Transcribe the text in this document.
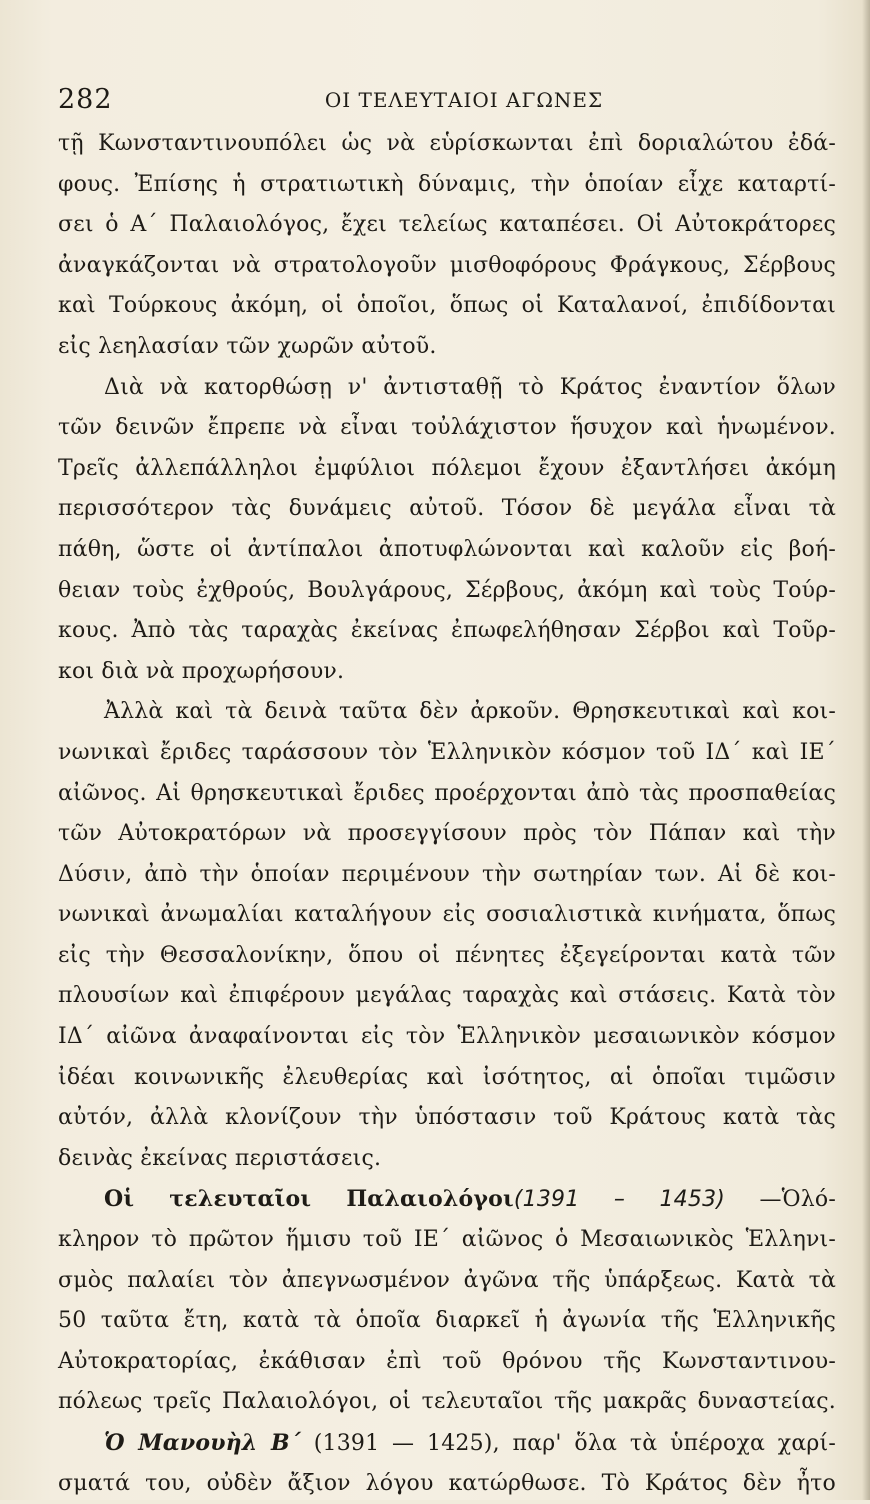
282	ΟΙ ΤΕΛΕΥΤΑΙΟΙ ΑΓΩΝΕΣ
τῇ Κωνσταντινουπόλει ὡς νὰ εὑρίσκωνται ἐπὶ δοριαλώτου ἐδά-
φους. Ἐπίσης ἡ στρατιωτικὴ δύναμις, τὴν ὁποίαν εἶχε καταρτί-
σει ὁ Α΄ Παλαιολόγος, ἔχει τελείως καταπέσει. Οἱ Αὐτοκράτορες
ἀναγκάζονται νὰ στρατολογοῦν μισθοφόρους Φράγκους, Σέρβους
καὶ Τούρκους ἀκόμη, οἱ ὁποῖοι, ὅπως οἱ Καταλανοί, ἐπιδίδονται
εἰς λεηλασίαν τῶν χωρῶν αὐτοῦ.
Διὰ νὰ κατορθώσῃ ν' ἀντισταθῇ τὸ Κράτος ἐναντίον ὅλων
τῶν δεινῶν ἔπρεπε νὰ εἶναι τοὐλάχιστον ἥσυχον καὶ ἡνωμένον.
Τρεῖς ἀλλεπάλληλοι ἐμφύλιοι πόλεμοι ἔχουν ἐξαντλήσει ἀκόμη
περισσότερον τὰς δυνάμεις αὐτοῦ. Τόσον δὲ μεγάλα εἶναι τὰ
πάθη, ὥστε οἱ ἀντίπαλοι ἀποτυφλώνονται καὶ καλοῦν εἰς βοή-
θειαν τοὺς ἐχθρούς, Βουλγάρους, Σέρβους, ἀκόμη καὶ τοὺς Τούρ-
κους. Ἀπὸ τὰς ταραχὰς ἐκείνας ἐπωφελήθησαν Σέρβοι καὶ Τοῦρ-
κοι διὰ νὰ προχωρήσουν.
Ἀλλὰ καὶ τὰ δεινὰ ταῦτα δὲν ἀρκοῦν. Θρησκευτικαὶ καὶ κοι-
νωνικαὶ ἔριδες ταράσσουν τὸν Ἑλληνικὸν κόσμον τοῦ ΙΔ΄ καὶ ΙΕ΄
αἰῶνος. Αἱ θρησκευτικαὶ ἔριδες προέρχονται ἀπὸ τὰς προσπαθείας
τῶν Αὐτοκρατόρων νὰ προσεγγίσουν πρὸς τὸν Πάπαν καὶ τὴν
Δύσιν, ἀπὸ τὴν ὁποίαν περιμένουν τὴν σωτηρίαν των. Αἱ δὲ κοι-
νωνικαὶ ἀνωμαλίαι καταλήγουν εἰς σοσιαλιστικὰ κινήματα, ὅπως
εἰς τὴν Θεσσαλονίκην, ὅπου οἱ πένητες ἐξεγείρονται κατὰ τῶν
πλουσίων καὶ ἐπιφέρουν μεγάλας ταραχὰς καὶ στάσεις. Κατὰ τὸν
ΙΔ΄ αἰῶνα ἀναφαίνονται εἰς τὸν Ἑλληνικὸν μεσαιωνικὸν κόσμον
ἰδέαι κοινωνικῆς ἐλευθερίας καὶ ἰσότητος, αἱ ὁποῖαι τιμῶσιν
αὐτόν, ἀλλὰ κλονίζουν τὴν ὑπόστασιν τοῦ Κράτους κατὰ τὰς
δεινὰς ἐκείνας περιστάσεις.
Οἱ τελευταῖοι Παλαιολόγοι(1391 – 1453) —Ὁλό-
κληρον τὸ πρῶτον ἥμισυ τοῦ ΙΕ΄ αἰῶνος ὁ Μεσαιωνικὸς Ἑλληνι-
σμὸς παλαίει τὸν ἀπεγνωσμένον ἀγῶνα τῆς ὑπάρξεως. Κατὰ τὰ
50 ταῦτα ἔτη, κατὰ τὰ ὁποῖα διαρκεῖ ἡ ἀγωνία τῆς Ἑλληνικῆς
Αὐτοκρατορίας, ἐκάθισαν ἐπὶ τοῦ θρόνου τῆς Κωνσταντινου-
πόλεως τρεῖς Παλαιολόγοι, οἱ τελευταῖοι τῆς μακρᾶς δυναστείας.
Ὁ Μανουὴλ Β΄ (1391 — 1425), παρ' ὅλα τὰ ὑπέροχα χαρί-
σματά του, οὐδὲν ἄξιον λόγου κατώρθωσε. Τὸ Κράτος δὲν ἦτο
